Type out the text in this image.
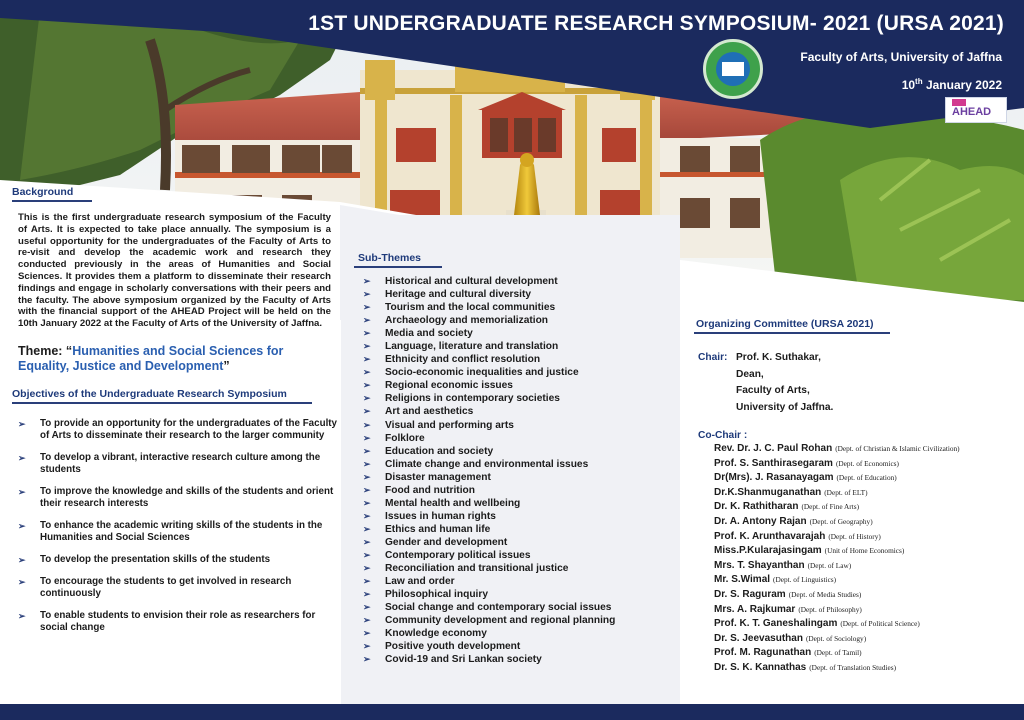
1ST UNDERGRADUATE RESEARCH SYMPOSIUM- 2021 (URSA 2021)
Faculty of Arts, University of Jaffna
10th January 2022
AHEAD
Sub-Themes
➢ Historical and cultural development
➢ Heritage and cultural diversity
➢ Tourism and the local communities
➢ Archaeology and memorialization
➢ Media and society
➢ Language, literature and translation
➢ Ethnicity and conflict resolution
➢ Socio-economic inequalities and justice
➢ Regional economic issues
➢ Religions in contemporary societies
➢ Art and aesthetics
➢ Visual and performing arts
➢ Folklore
➢ Education and society
➢ Climate change and environmental issues
➢ Disaster management
➢ Food and nutrition
➢ Mental health and wellbeing
➢ Issues in human rights
➢ Ethics and human life
➢ Gender and development
➢ Contemporary political issues
➢ Reconciliation and transitional justice
➢ Law and order
➢ Philosophical inquiry
➢ Social change and contemporary social issues
➢ Community development and regional planning
➢ Knowledge economy
➢ Positive youth development
➢ Covid-19 and Sri Lankan society
Background
This is the first undergraduate research symposium of the Faculty of Arts. It is expected to take place annually. The symposium is a useful opportunity for the undergraduates of the Faculty of Arts to re-visit and develop the academic work and research they conducted previously in the areas of Humanities and Social Sciences. It provides them a platform to disseminate their research findings and engage in scholarly conversations with their peers and the faculty. The above symposium organized by the Faculty of Arts with the financial support of the AHEAD Project will be held on the 10th January 2022 at the Faculty of Arts of the University of Jaffna.
Theme: “Humanities and Social Sciences for Equality, Justice and Development”
Objectives of the Undergraduate Research Symposium
➢ To provide an opportunity for the undergraduates of the Faculty of Arts to disseminate their research to the larger community
➢ To develop a vibrant, interactive research culture among the students
➢ To improve the knowledge and skills of the students and orient their research interests
➢ To enhance the academic writing skills of the students in the Humanities and Social Sciences
➢ To develop the presentation skills of the students
➢ To encourage the students to get involved in research continuously
➢ To enable students to envision their role as researchers for social change
Organizing Committee (URSA 2021)
Chair: Prof. K. Suthakar,
Dean,
Faculty of Arts,
University of Jaffna.
Co-Chair :
Rev. Dr. J. C. Paul Rohan (Dept. of Christian & Islamic Civilization)
Prof. S. Santhirasegaram (Dept. of Economics)
Dr(Mrs). J. Rasanayagam (Dept. of Education)
Dr.K.Shanmuganathan (Dept. of ELT)
Dr. K. Rathitharan (Dept. of Fine Arts)
Dr. A. Antony Rajan (Dept. of Geography)
Prof. K. Arunthavarajah (Dept. of History)
Miss.P.Kularajasingam (Unit of Home Economics)
Mrs. T. Shayanthan (Dept. of Law)
Mr. S.Wimal (Dept. of Linguistics)
Dr. S. Raguram (Dept. of Media Studies)
Mrs. A. Rajkumar (Dept. of Philosophy)
Prof. K. T. Ganeshalingam (Dept. of Political Science)
Dr. S. Jeevasuthan (Dept. of Sociology)
Prof. M. Ragunathan (Dept. of Tamil)
Dr. S. K. Kannathas (Dept. of Translation Studies)
